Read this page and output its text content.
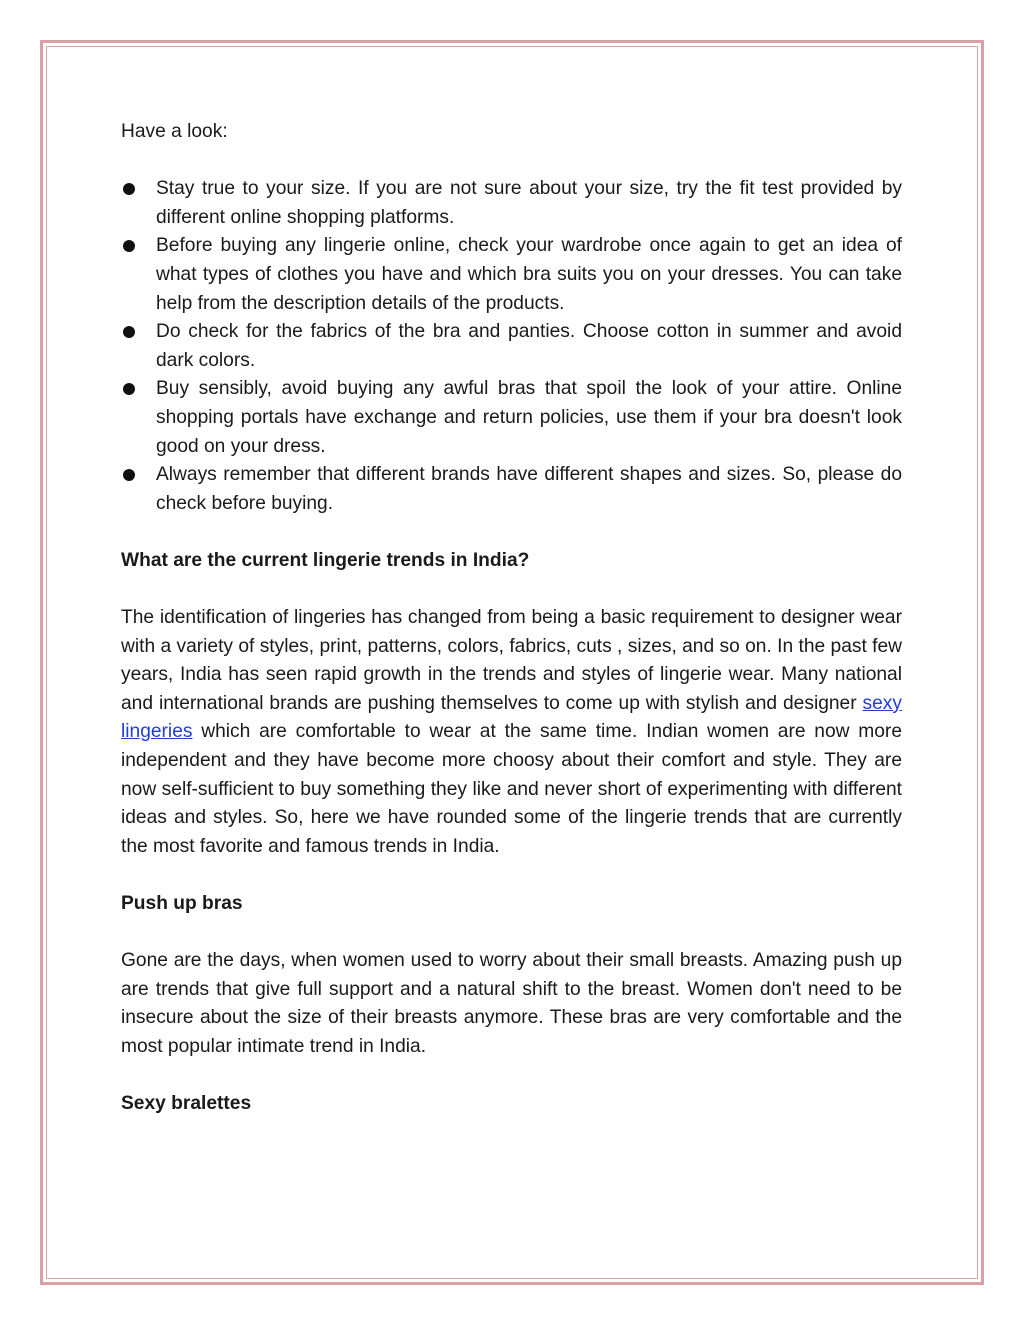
Have a look:

Stay true to your size. If you are not sure about your size, try the fit test provided by different online shopping platforms.
Before buying any lingerie online, check your wardrobe once again to get an idea of what types of clothes you have and which bra suits you on your dresses. You can take help from the description details of the products.
Do check for the fabrics of the bra and panties. Choose cotton in summer and avoid dark colors.
Buy sensibly, avoid buying any awful bras that spoil the look of your attire. Online shopping portals have exchange and return policies, use them if your bra doesn't look good on your dress.
Always remember that different brands have different shapes and sizes. So, please do check before buying.

What are the current lingerie trends in India?

The identification of lingeries has changed from being a basic requirement to designer wear with a variety of styles, print, patterns, colors, fabrics, cuts , sizes, and so on. In the past few years, India has seen rapid growth in the trends and styles of lingerie wear. Many national and international brands are pushing themselves to come up with stylish and designer sexy lingeries which are comfortable to wear at the same time. Indian women are now more independent and they have become more choosy about their comfort and style. They are now self-sufficient to buy something they like and never short of experimenting with different ideas and styles. So, here we have rounded some of the lingerie trends that are currently the most favorite and famous trends in India.

Push up bras

Gone are the days, when women used to worry about their small breasts. Amazing push up are trends that give full support and a natural shift to the breast. Women don't need to be insecure about the size of their breasts anymore. These bras are very comfortable and the most popular intimate trend in India.

Sexy bralettes
